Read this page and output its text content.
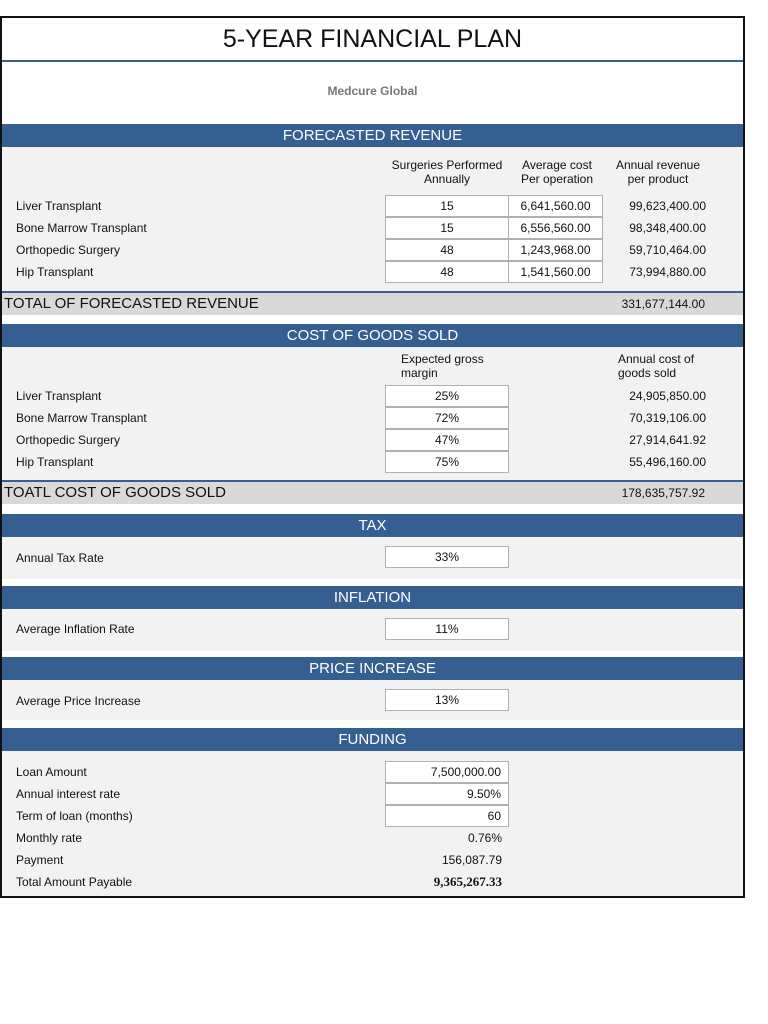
5-YEAR FINANCIAL PLAN
Medcure Global
FORECASTED REVENUE
Surgeries Performed Annually
Average cost Per operation
Annual revenue per product
Liver Transplant	15	6,641,560.00	99,623,400.00
Bone Marrow Transplant	15	6,556,560.00	98,348,400.00
Orthopedic Surgery	48	1,243,968.00	59,710,464.00
Hip Transplant	48	1,541,560.00	73,994,880.00
TOTAL OF FORECASTED REVENUE	331,677,144.00
COST OF GOODS SOLD
Expected gross margin
Annual cost of goods sold
Liver Transplant	25%	24,905,850.00
Bone Marrow Transplant	72%	70,319,106.00
Orthopedic Surgery	47%	27,914,641.92
Hip Transplant	75%	55,496,160.00
TOATL COST OF GOODS SOLD	178,635,757.92
TAX
Annual Tax Rate	33%
INFLATION
Average Inflation Rate	11%
PRICE INCREASE
Average Price Increase	13%
FUNDING
Loan Amount	7,500,000.00
Annual interest rate	9.50%
Term of loan (months)	60
Monthly rate	0.76%
Payment	156,087.79
Total Amount Payable	9,365,267.33
